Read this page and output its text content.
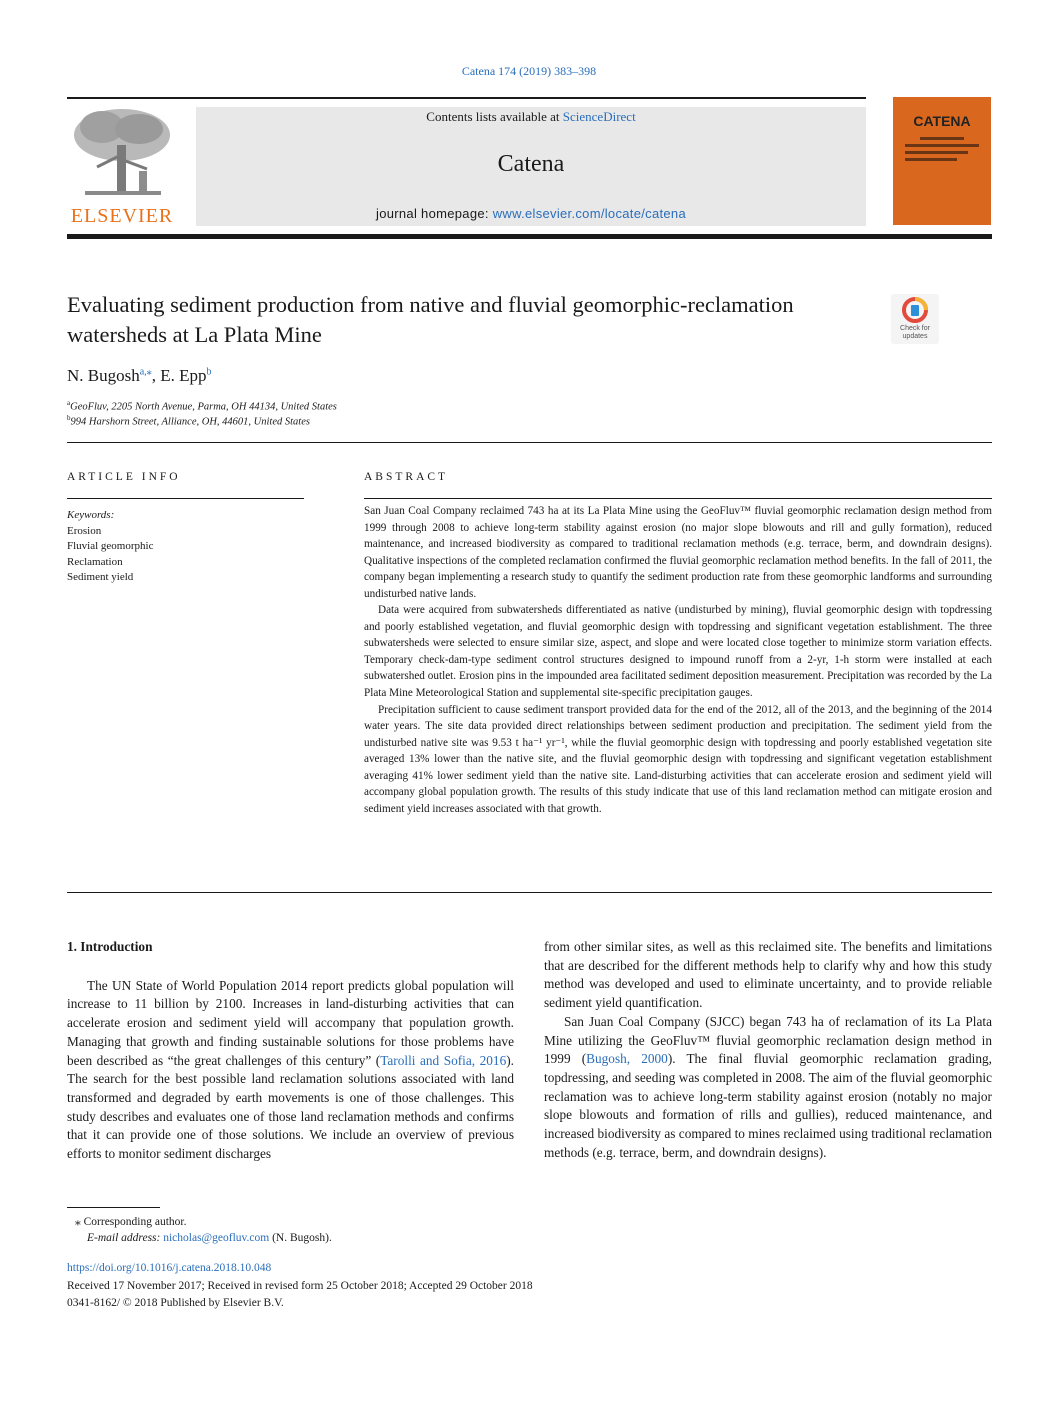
Catena 174 (2019) 383–398
ELSEVIER
Contents lists available at ScienceDirect
Catena
journal homepage: www.elsevier.com/locate/catena
CATENA
Evaluating sediment production from native and fluvial geomorphic-reclamation watersheds at La Plata Mine	Check for
updates
N. Bugosh$^{a,⁎}$, E. Epp$^b$
$^a$GeoFluv, 2205 North Avenue, Parma, OH 44134, United States
$^b$994 Harshorn Street, Alliance, OH, 44601, United States
ARTICLE INFO
Keywords:
Erosion
Fluvial geomorphic
Reclamation
Sediment yield
ABSTRACT

San Juan Coal Company reclaimed 743 ha at its La Plata Mine using the GeoFluv™ fluvial geomorphic reclamation design method from 1999 through 2008 to achieve long-term stability against erosion (no major slope blowouts and rill and gully formation), reduced maintenance, and increased biodiversity as compared to traditional reclamation methods (e.g. terrace, berm, and downdrain designs). Qualitative inspections of the completed reclamation confirmed the fluvial geomorphic reclamation method benefits. In the fall of 2011, the company began implementing a research study to quantify the sediment production rate from these geomorphic landforms and surrounding undisturbed native lands.

Data were acquired from subwatersheds differentiated as native (undisturbed by mining), fluvial geomorphic design with topdressing and poorly established vegetation, and fluvial geomorphic design with topdressing and significant vegetation establishment. The three subwatersheds were selected to ensure similar size, aspect, and slope and were located close together to minimize storm variation effects. Temporary check-dam-type sediment control structures designed to impound runoff from a 2-yr, 1-h storm were installed at each subwatershed outlet. Erosion pins in the impounded area facilitated sediment deposition measurement. Precipitation was recorded by the La Plata Mine Meteorological Station and supplemental site-specific precipitation gauges.

Precipitation sufficient to cause sediment transport provided data for the end of the 2012, all of the 2013, and the beginning of the 2014 water years. The site data provided direct relationships between sediment production and precipitation. The sediment yield from the undisturbed native site was 9.53 t ha⁻¹ yr⁻¹, while the fluvial geomorphic design with topdressing and poorly established vegetation site averaged 13% lower than the native site, and the fluvial geomorphic design with topdressing and significant vegetation establishment averaging 41% lower sediment yield than the native site. Land-disturbing activities that can accelerate erosion and sediment yield will accompany global population growth. The results of this study indicate that use of this land reclamation method can mitigate erosion and sediment yield increases associated with that growth.

1. Introduction

The UN State of World Population 2014 report predicts global population will increase to 11 billion by 2100. Increases in land-disturbing activities that can accelerate erosion and sediment yield will accompany that population growth. Managing that growth and finding sustainable solutions for those problems have been described as “the great challenges of this century” (Tarolli and Sofia, 2016). The search for the best possible land reclamation solutions associated with land transformed and degraded by earth movements is one of those challenges. This study describes and evaluates one of those land reclamation methods and confirms that it can provide one of those solutions. We include an overview of previous efforts to monitor sediment discharges

from other similar sites, as well as this reclaimed site. The benefits and limitations that are described for the different methods help to clarify why and how this study method was developed and used to eliminate uncertainty, and to provide reliable sediment yield quantification.

San Juan Coal Company (SJCC) began 743 ha of reclamation of its La Plata Mine utilizing the GeoFluv™ fluvial geomorphic reclamation design method in 1999 (Bugosh, 2000). The final fluvial geomorphic reclamation grading, topdressing, and seeding was completed in 2008. The aim of the fluvial geomorphic reclamation was to achieve long-term stability against erosion (notably no major slope blowouts and formation of rills and gullies), reduced maintenance, and increased biodiversity as compared to mines reclaimed using traditional reclamation methods (e.g. terrace, berm, and downdrain designs).

⁎ Corresponding author.
E-mail address: nicholas@geofluv.com (N. Bugosh).
https://doi.org/10.1016/j.catena.2018.10.048
Received 17 November 2017; Received in revised form 25 October 2018; Accepted 29 October 2018
0341-8162/ © 2018 Published by Elsevier B.V.
